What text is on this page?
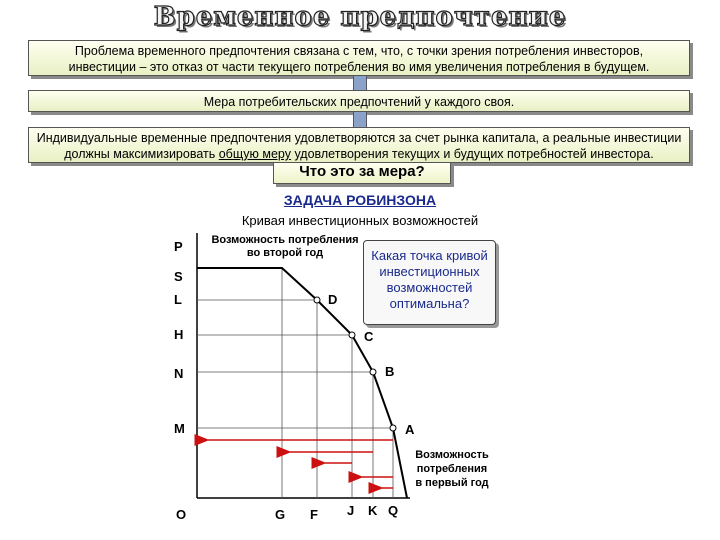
Временное предпочтение
Проблема временного предпочтения связана с тем, что, с точки зрения потребления инвесторов,
инвестиции – это отказ от части текущего потребления во имя увеличения потребления в будущем.
Мера потребительских предпочтений у каждого своя.
Индивидуальные временные предпочтения удовлетворяются за счет рынка капитала, а реальные инвестиции
должны максимизировать общую меру удовлетворения текущих и будущих потребностей инвестора.
Что это за мера?
ЗАДАЧА РОБИНЗОНА
Кривая инвестиционных возможностей
Возможность потребления
во второй год
P
S
L
H
N
M
D
C
B
A
Возможность
потребления
в первый год
O	G F J K Q
Какая точка кривой
инвестиционных
возможностей
оптимальна?
